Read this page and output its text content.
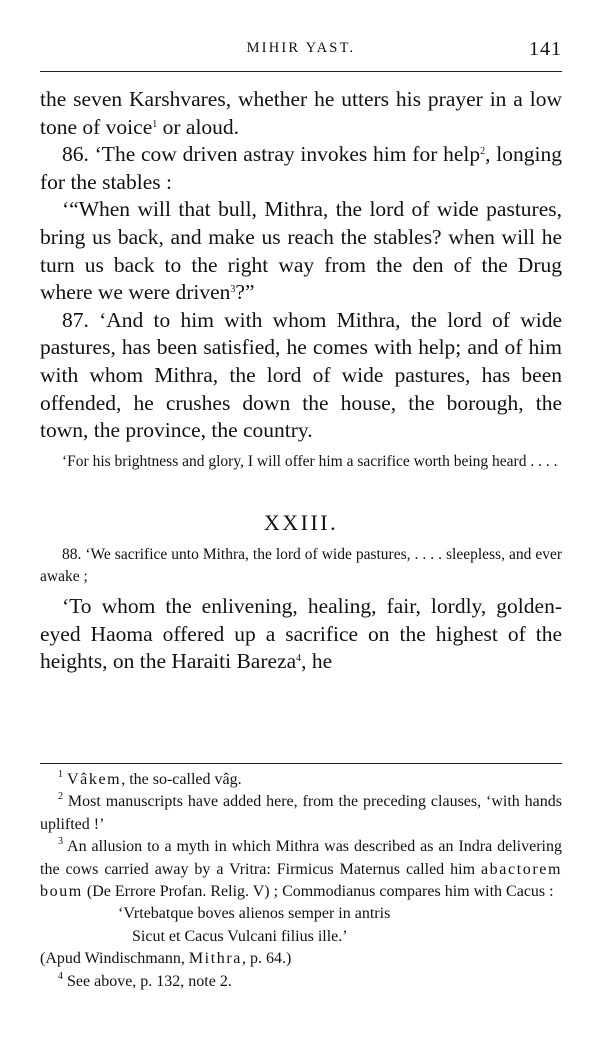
MIHIR YAST.	141

the seven Karshvares, whether he utters his prayer in a low tone of voice$^1$ or aloud.

86. ‘The cow driven astray invokes him for help$^2$, longing for the stables :

‘“When will that bull, Mithra, the lord of wide pastures, bring us back, and make us reach the stables? when will he turn us back to the right way from the den of the Drug where we were driven$^3$?”

87. ‘And to him with whom Mithra, the lord of wide pastures, has been satisfied, he comes with help; and of him with whom Mithra, the lord of wide pastures, has been offended, he crushes down the house, the borough, the town, the province, the country.

‘For his brightness and glory, I will offer him a sacrifice worth being heard . . . .

XXIII.

88. ‘We sacrifice unto Mithra, the lord of wide pastures, . . . . sleepless, and ever awake ;

‘To whom the enlivening, healing, fair, lordly, golden-eyed Haoma offered up a sacrifice on the highest of the heights, on the Haraiti Bareza$^4$, he

$^1$ Vâkem, the so-called vâg.

$^2$ Most manuscripts have added here, from the preceding clauses, ‘with hands uplifted !’

$^3$ An allusion to a myth in which Mithra was described as an Indra delivering the cows carried away by a Vritra: Firmicus Maternus called him abactorem boum (De Errore Profan. Relig. V) ; Commodianus compares him with Cacus :

‘Vrtebatque boves alienos semper in antris

Sicut et Cacus Vulcani filius ille.’

(Apud Windischmann, Mithra, p. 64.)

$^4$ See above, p. 132, note 2.
